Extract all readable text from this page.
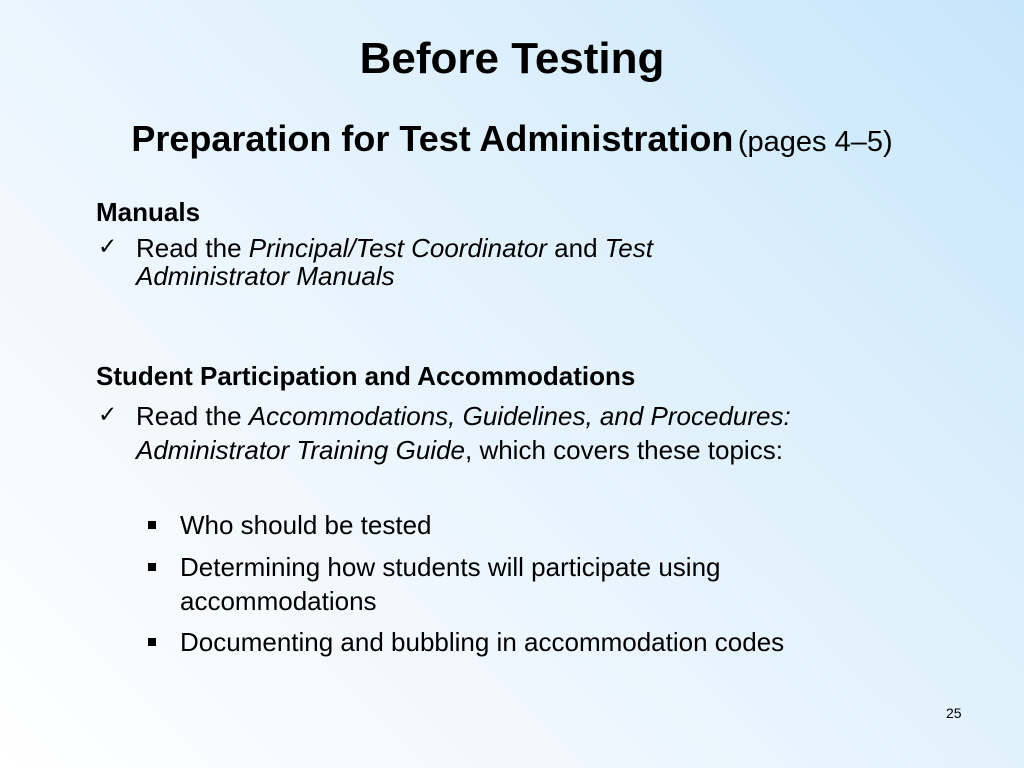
Before Testing
Preparation for Test Administration (pages 4–5)
Manuals
✓ Read the Principal/Test Coordinator and Test
Administrator Manuals
Student Participation and Accommodations
✓ Read the Accommodations, Guidelines, and Procedures:
Administrator Training Guide, which covers these topics:
Who should be tested
Determining how students will participate using
accommodations
Documenting and bubbling in accommodation codes
25
